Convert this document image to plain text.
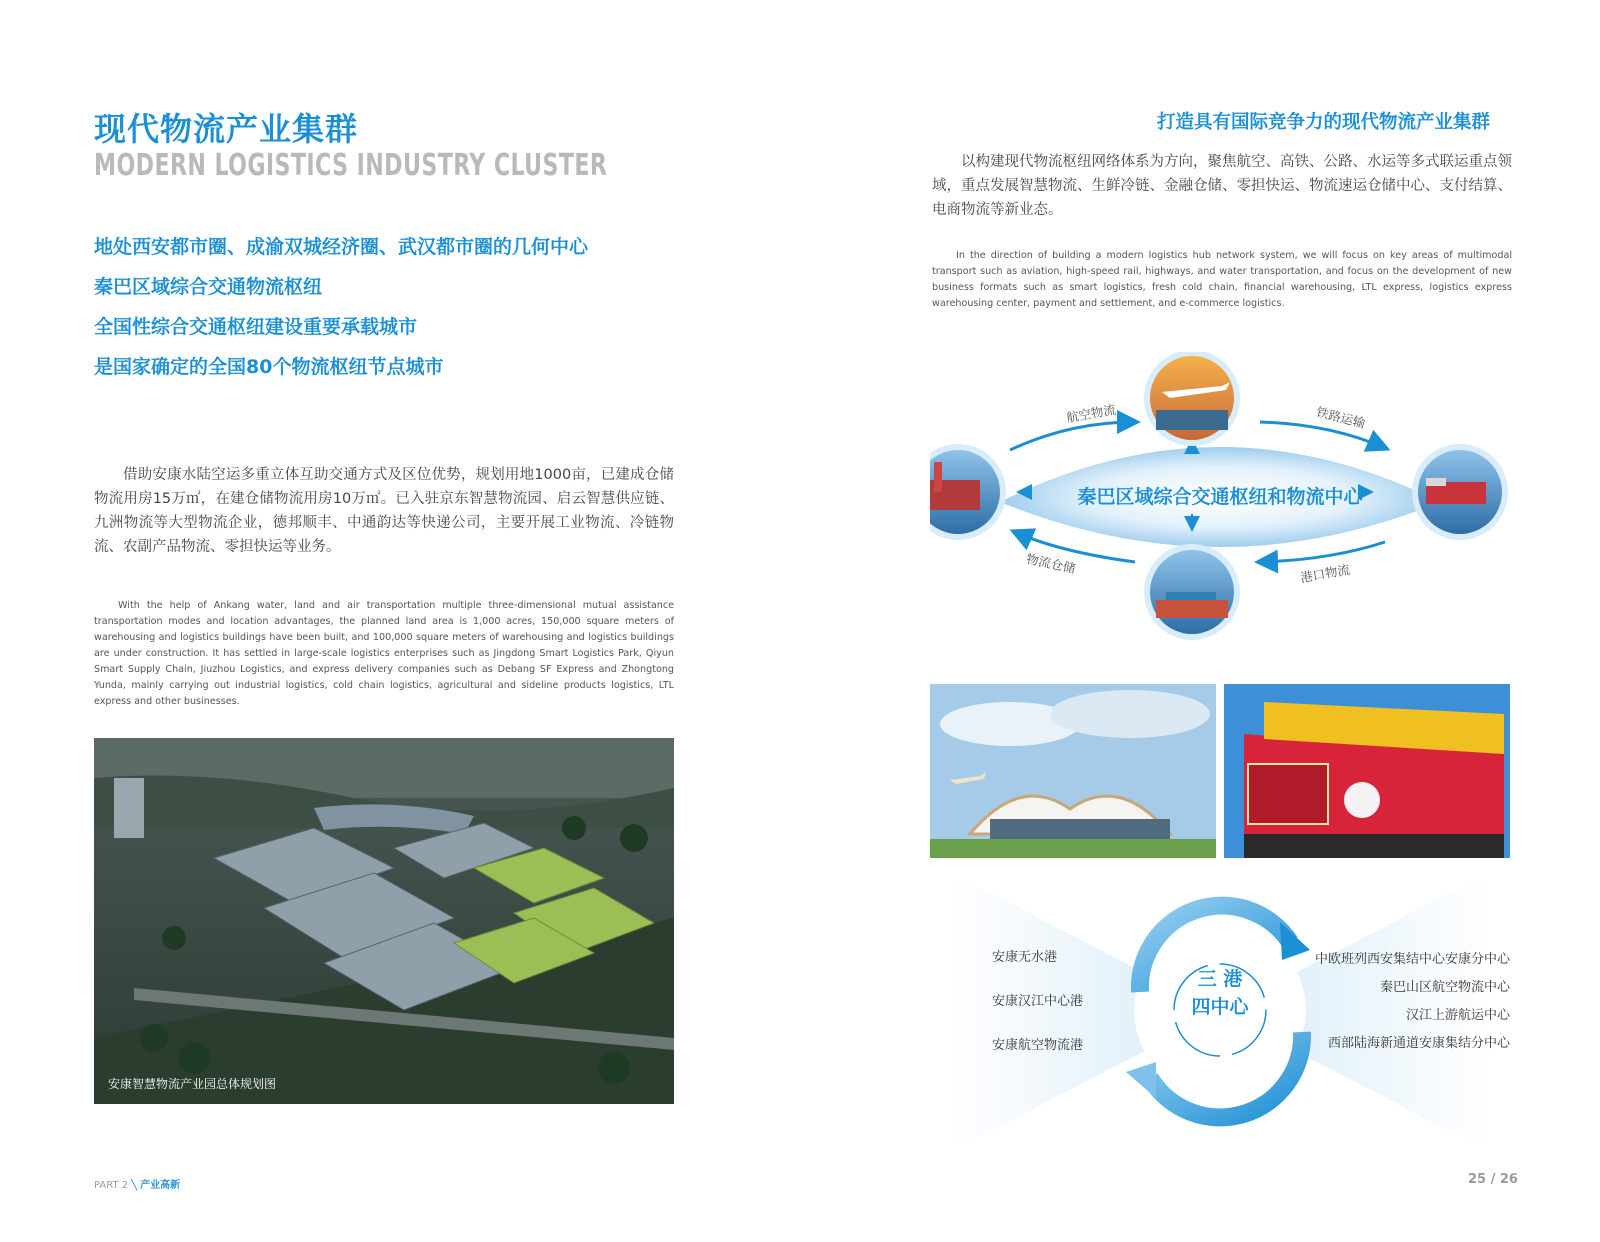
现代物流产业集群
MODERN LOGISTICS INDUSTRY CLUSTER
地处西安都市圈、成渝双城经济圈、武汉都市圈的几何中心
秦巴区域综合交通物流枢纽
全国性综合交通枢纽建设重要承载城市
是国家确定的全国80个物流枢纽节点城市

借助安康水陆空运多重立体互助交通方式及区位优势，规划用地1000亩，已建成仓储物流用房15万㎡，在建仓储物流用房10万㎡。已入驻京东智慧物流园、启云智慧供应链、九洲物流等大型物流企业，德邦顺丰、中通韵达等快递公司，主要开展工业物流、冷链物流、农副产品物流、零担快运等业务。

With the help of Ankang water, land and air transportation multiple three-dimensional mutual assistance transportation modes and location advantages, the planned land area is 1,000 acres, 150,000 square meters of warehousing and logistics buildings have been built, and 100,000 square meters of warehousing and logistics buildings are under construction. It has settled in large-scale logistics enterprises such as Jingdong Smart Logistics Park, Qiyun Smart Supply Chain, Jiuzhou Logistics, and express delivery companies such as Debang SF Express and Zhongtong Yunda, mainly carrying out industrial logistics, cold chain logistics, agricultural and sideline products logistics, LTL express and other businesses.

安康智慧物流产业园总体规划图
PART 2 ╲ 产业高新
打造具有国际竞争力的现代物流产业集群

以构建现代物流枢纽网络体系为方向，聚焦航空、高铁、公路、水运等多式联运重点领域，重点发展智慧物流、生鲜冷链、金融仓储、零担快运、物流速运仓储中心、支付结算、电商物流等新业态。

In the direction of building a modern logistics hub network system, we will focus on key areas of multimodal transport such as aviation, high-speed rail, highways, and water transportation, and focus on the development of new business formats such as smart logistics, fresh cold chain, financial warehousing, LTL express, logistics express warehousing center, payment and settlement, and e-commerce logistics.

秦巴区域综合交通枢纽和物流中心
航空物流	铁路运输
物流仓储	港口物流
三 港
四中心
安康无水港
安康汉江中心港
安康航空物流港
中欧班列西安集结中心安康分中心
秦巴山区航空物流中心
汉江上游航运中心
西部陆海新通道安康集结分中心
25 / 26
